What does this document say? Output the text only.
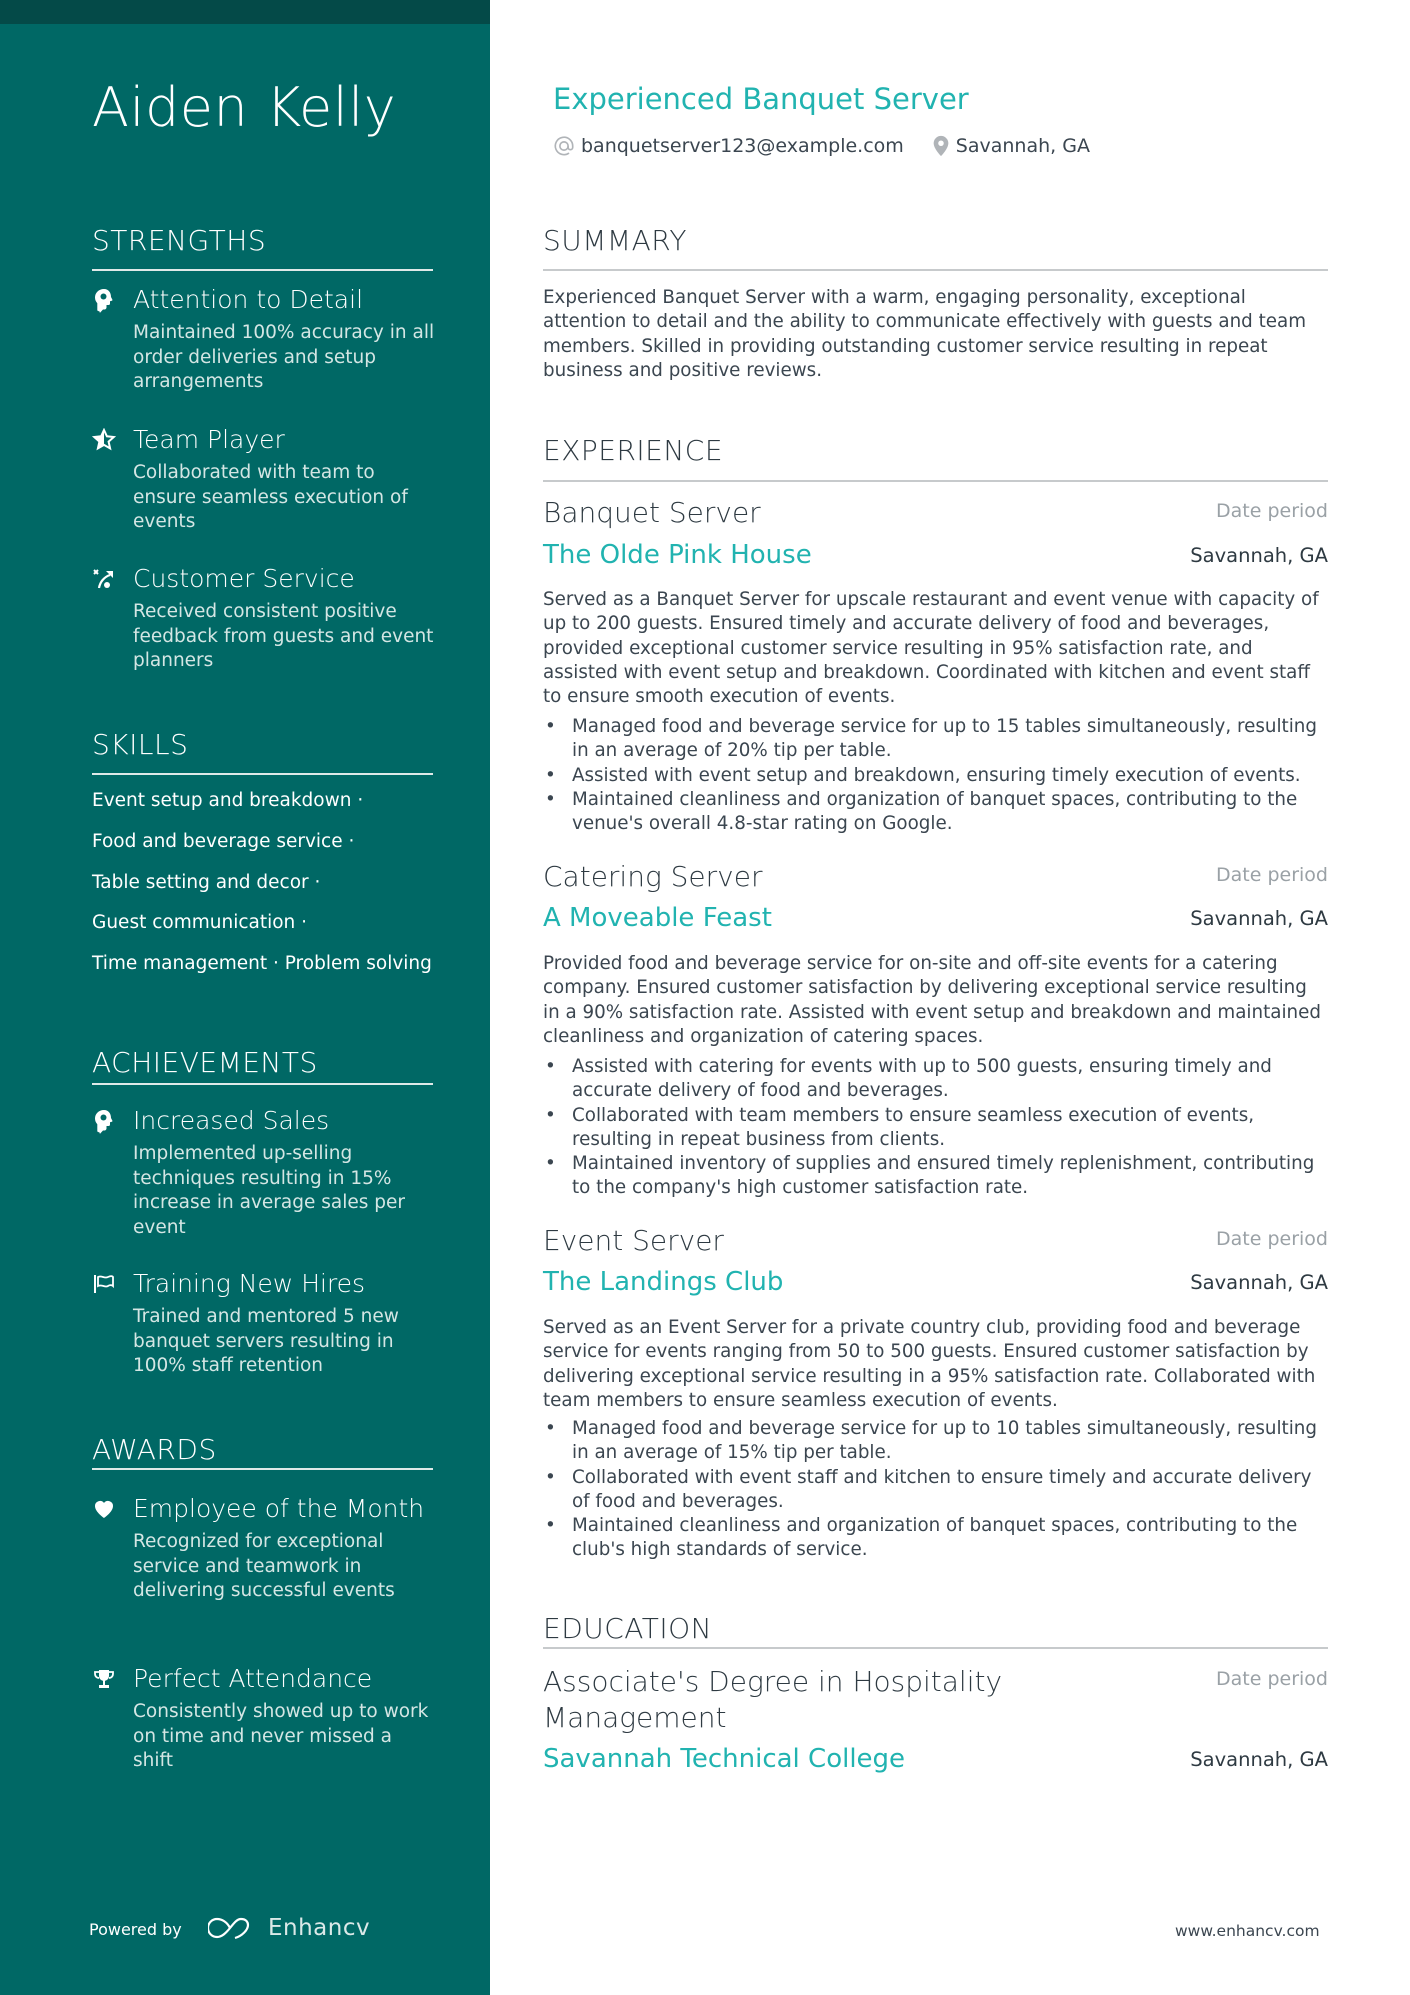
Aiden Kelly
STRENGTHS
Attention to Detail
Maintained 100% accuracy in all order deliveries and setup arrangements
Team Player
Collaborated with team to ensure seamless execution of events
Customer Service
Received consistent positive feedback from guests and event planners
SKILLS
Event setup and breakdown ·
Food and beverage service ·
Table setting and decor ·
Guest communication ·
Time management · Problem solving
ACHIEVEMENTS
Increased Sales
Implemented up-selling techniques resulting in 15% increase in average sales per event
Training New Hires
Trained and mentored 5 new banquet servers resulting in 100% staff retention
AWARDS
Employee of the Month
Recognized for exceptional service and teamwork in delivering successful events
Perfect Attendance
Consistently showed up to work on time and never missed a shift
Powered by	Enhancv
Experienced Banquet Server
banquetserver123@example.com	Savannah, GA
SUMMARY
Experienced Banquet Server with a warm, engaging personality, exceptional attention to detail and the ability to communicate effectively with guests and team members. Skilled in providing outstanding customer service resulting in repeat business and positive reviews.
EXPERIENCE
Banquet Server	Date period
The Olde Pink House	Savannah, GA
Served as a Banquet Server for upscale restaurant and event venue with capacity of up to 200 guests. Ensured timely and accurate delivery of food and beverages, provided exceptional customer service resulting in 95% satisfaction rate, and assisted with event setup and breakdown. Coordinated with kitchen and event staff to ensure smooth execution of events.
• Managed food and beverage service for up to 15 tables simultaneously, resulting in an average of 20% tip per table.
• Assisted with event setup and breakdown, ensuring timely execution of events.
• Maintained cleanliness and organization of banquet spaces, contributing to the venue's overall 4.8-star rating on Google.
Catering Server	Date period
A Moveable Feast	Savannah, GA
Provided food and beverage service for on-site and off-site events for a catering company. Ensured customer satisfaction by delivering exceptional service resulting in a 90% satisfaction rate. Assisted with event setup and breakdown and maintained cleanliness and organization of catering spaces.
• Assisted with catering for events with up to 500 guests, ensuring timely and accurate delivery of food and beverages.
• Collaborated with team members to ensure seamless execution of events, resulting in repeat business from clients.
• Maintained inventory of supplies and ensured timely replenishment, contributing to the company's high customer satisfaction rate.
Event Server	Date period
The Landings Club	Savannah, GA
Served as an Event Server for a private country club, providing food and beverage service for events ranging from 50 to 500 guests. Ensured customer satisfaction by delivering exceptional service resulting in a 95% satisfaction rate. Collaborated with team members to ensure seamless execution of events.
• Managed food and beverage service for up to 10 tables simultaneously, resulting in an average of 15% tip per table.
• Collaborated with event staff and kitchen to ensure timely and accurate delivery of food and beverages.
• Maintained cleanliness and organization of banquet spaces, contributing to the club's high standards of service.
EDUCATION
Associate's Degree in Hospitality Management
Date period
Savannah Technical College	Savannah, GA
www.enhancv.com
